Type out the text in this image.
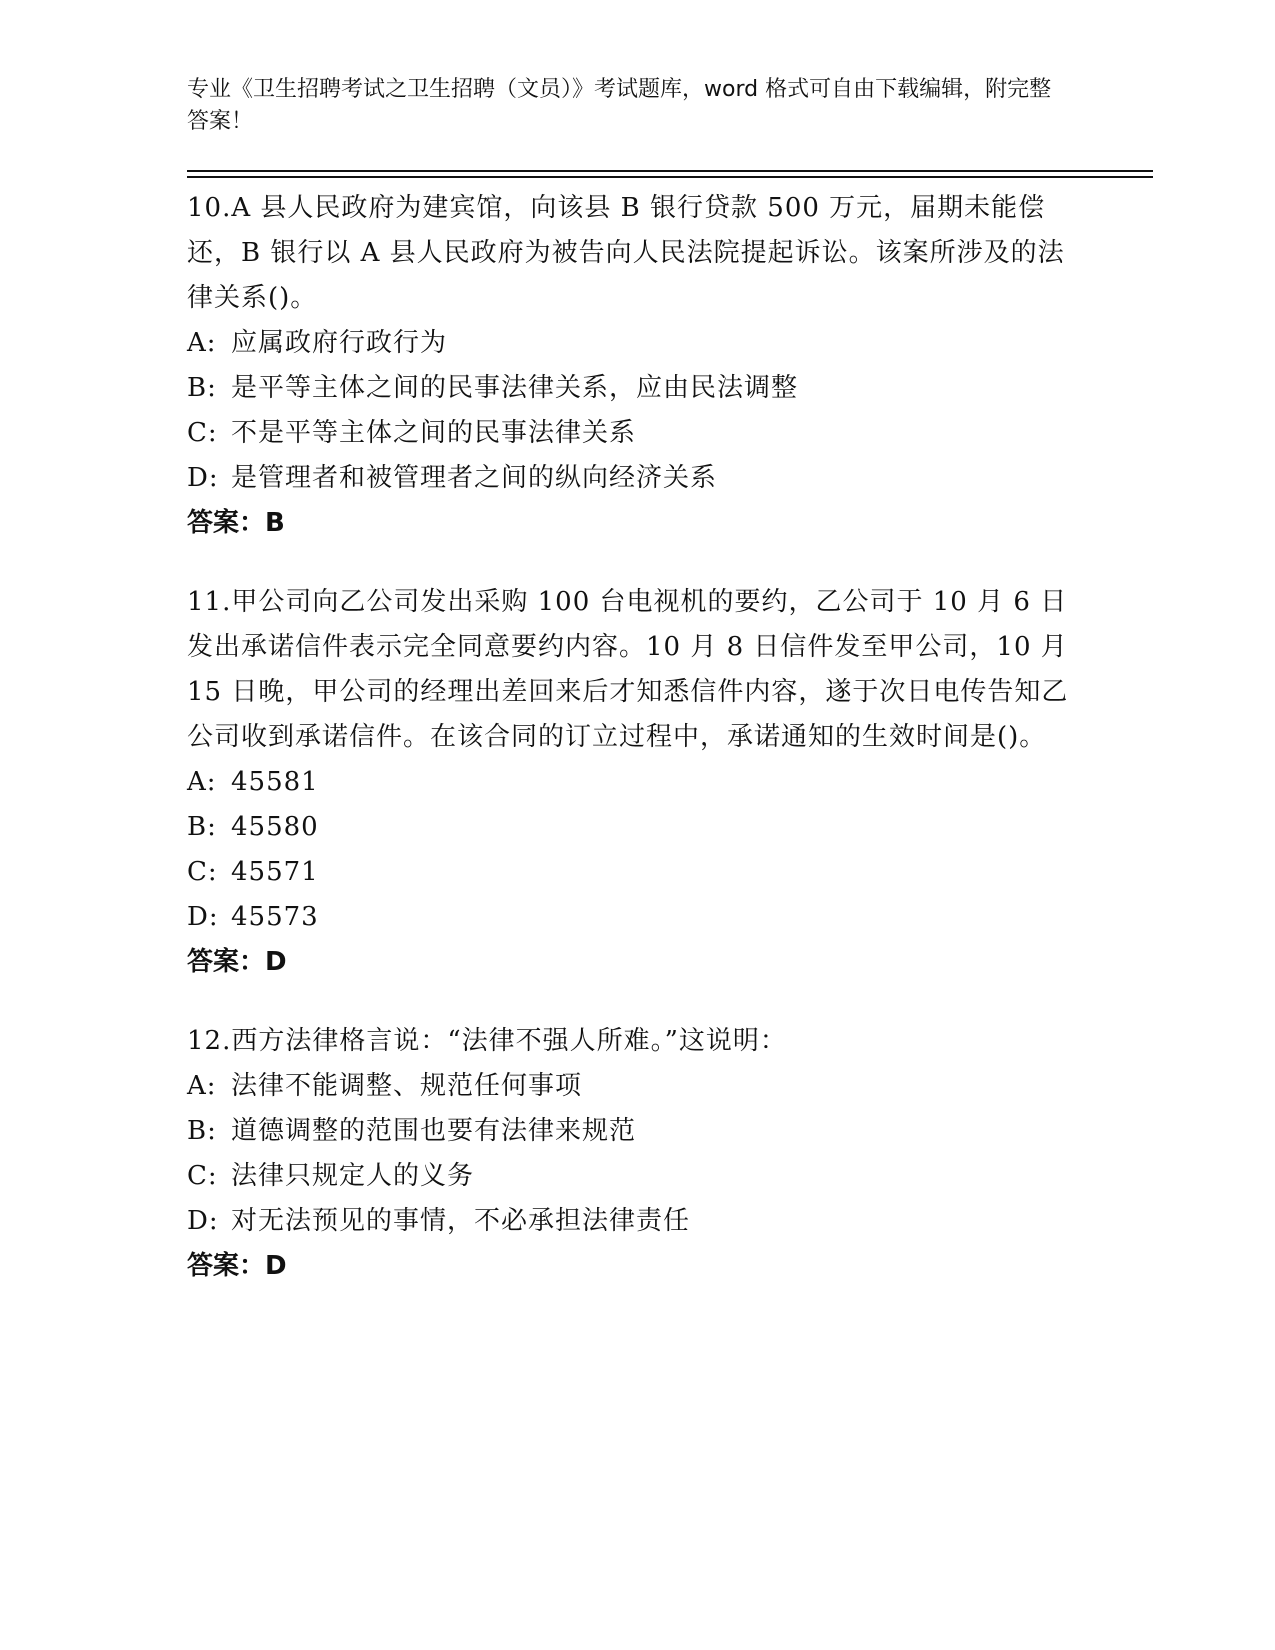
专业《卫生招聘考试之卫生招聘（文员）》考试题库，word 格式可自由下载编辑，附完整答案！
10.A 县人民政府为建宾馆，向该县 B 银行贷款 500 万元，届期未能偿还，B 银行以 A 县人民政府为被告向人民法院提起诉讼。该案所涉及的法律关系()。
A: 应属政府行政行为
B: 是平等主体之间的民事法律关系，应由民法调整
C: 不是平等主体之间的民事法律关系
D: 是管理者和被管理者之间的纵向经济关系
答案：B
11.甲公司向乙公司发出采购 100 台电视机的要约，乙公司于 10 月 6 日发出承诺信件表示完全同意要约内容。10 月 8 日信件发至甲公司，10 月 15 日晚，甲公司的经理出差回来后才知悉信件内容，遂于次日电传告知乙公司收到承诺信件。在该合同的订立过程中，承诺通知的生效时间是()。
A: 45581
B: 45580
C: 45571
D: 45573
答案：D
12.西方法律格言说：“法律不强人所难。”这说明：
A: 法律不能调整、规范任何事项
B: 道德调整的范围也要有法律来规范
C: 法律只规定人的义务
D: 对无法预见的事情，不必承担法律责任
答案：D
